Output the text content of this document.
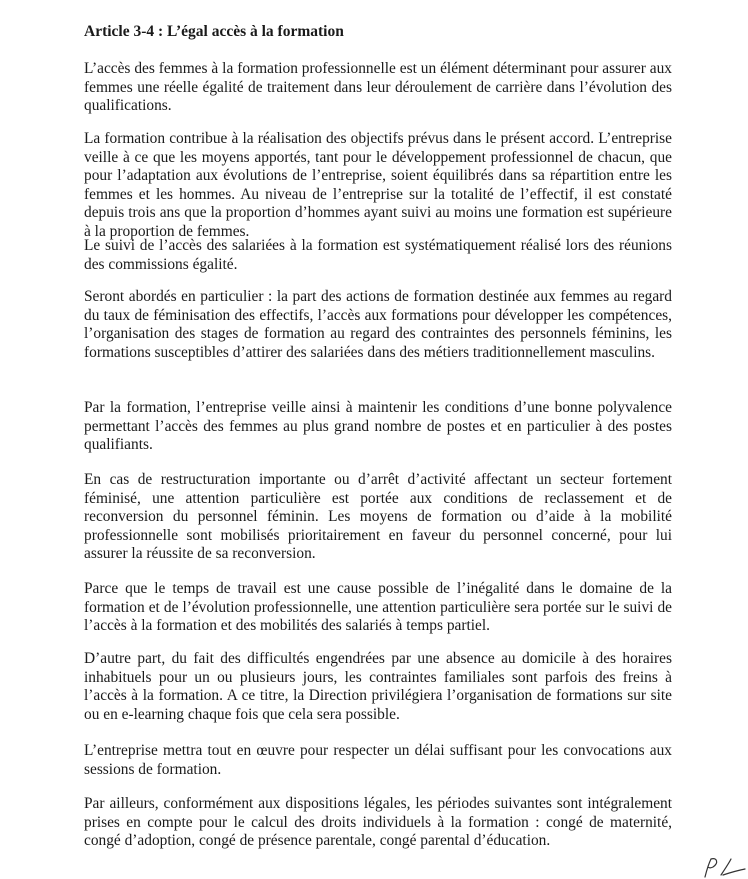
Article 3-4 : L’égal accès à la formation

L’accès des femmes à la formation professionnelle est un élément déterminant pour assurer aux femmes une réelle égalité de traitement dans leur déroulement de carrière dans l’évolution des qualifications.

La formation contribue à la réalisation des objectifs prévus dans le présent accord. L’entreprise veille à ce que les moyens apportés, tant pour le développement professionnel de chacun, que pour l’adaptation aux évolutions de l’entreprise, soient équilibrés dans sa répartition entre les femmes et les hommes. Au niveau de l’entreprise sur la totalité de l’effectif, il est constaté depuis trois ans que la proportion d’hommes ayant suivi au moins une formation est supérieure à la proportion de femmes.

Le suivi de l’accès des salariées à la formation est systématiquement réalisé lors des réunions des commissions égalité.

Seront abordés en particulier : la part des actions de formation destinée aux femmes au regard du taux de féminisation des effectifs, l’accès aux formations pour développer les compétences, l’organisation des stages de formation au regard des contraintes des personnels féminins, les formations susceptibles d’attirer des salariées dans des métiers traditionnellement masculins.

Par la formation, l’entreprise veille ainsi à maintenir les conditions d’une bonne polyvalence permettant l’accès des femmes au plus grand nombre de postes et en particulier à des postes qualifiants.

En cas de restructuration importante ou d’arrêt d’activité affectant un secteur fortement féminisé, une attention particulière est portée aux conditions de reclassement et de reconversion du personnel féminin. Les moyens de formation ou d’aide à la mobilité professionnelle sont mobilisés prioritairement en faveur du personnel concerné, pour lui assurer la réussite de sa reconversion.

Parce que le temps de travail est une cause possible de l’inégalité dans le domaine de la formation et de l’évolution professionnelle, une attention particulière sera portée sur le suivi de l’accès à la formation et des mobilités des salariés à temps partiel.

D’autre part, du fait des difficultés engendrées par une absence au domicile à des horaires inhabituels pour un ou plusieurs jours, les contraintes familiales sont parfois des freins à l’accès à la formation. A ce titre, la Direction privilégiera l’organisation de formations sur site ou en e-learning chaque fois que cela sera possible.

L’entreprise mettra tout en œuvre pour respecter un délai suffisant pour les convocations aux sessions de formation.

Par ailleurs, conformément aux dispositions légales, les périodes suivantes sont intégralement prises en compte pour le calcul des droits individuels à la formation : congé de maternité, congé d’adoption, congé de présence parentale, congé parental d’éducation.
